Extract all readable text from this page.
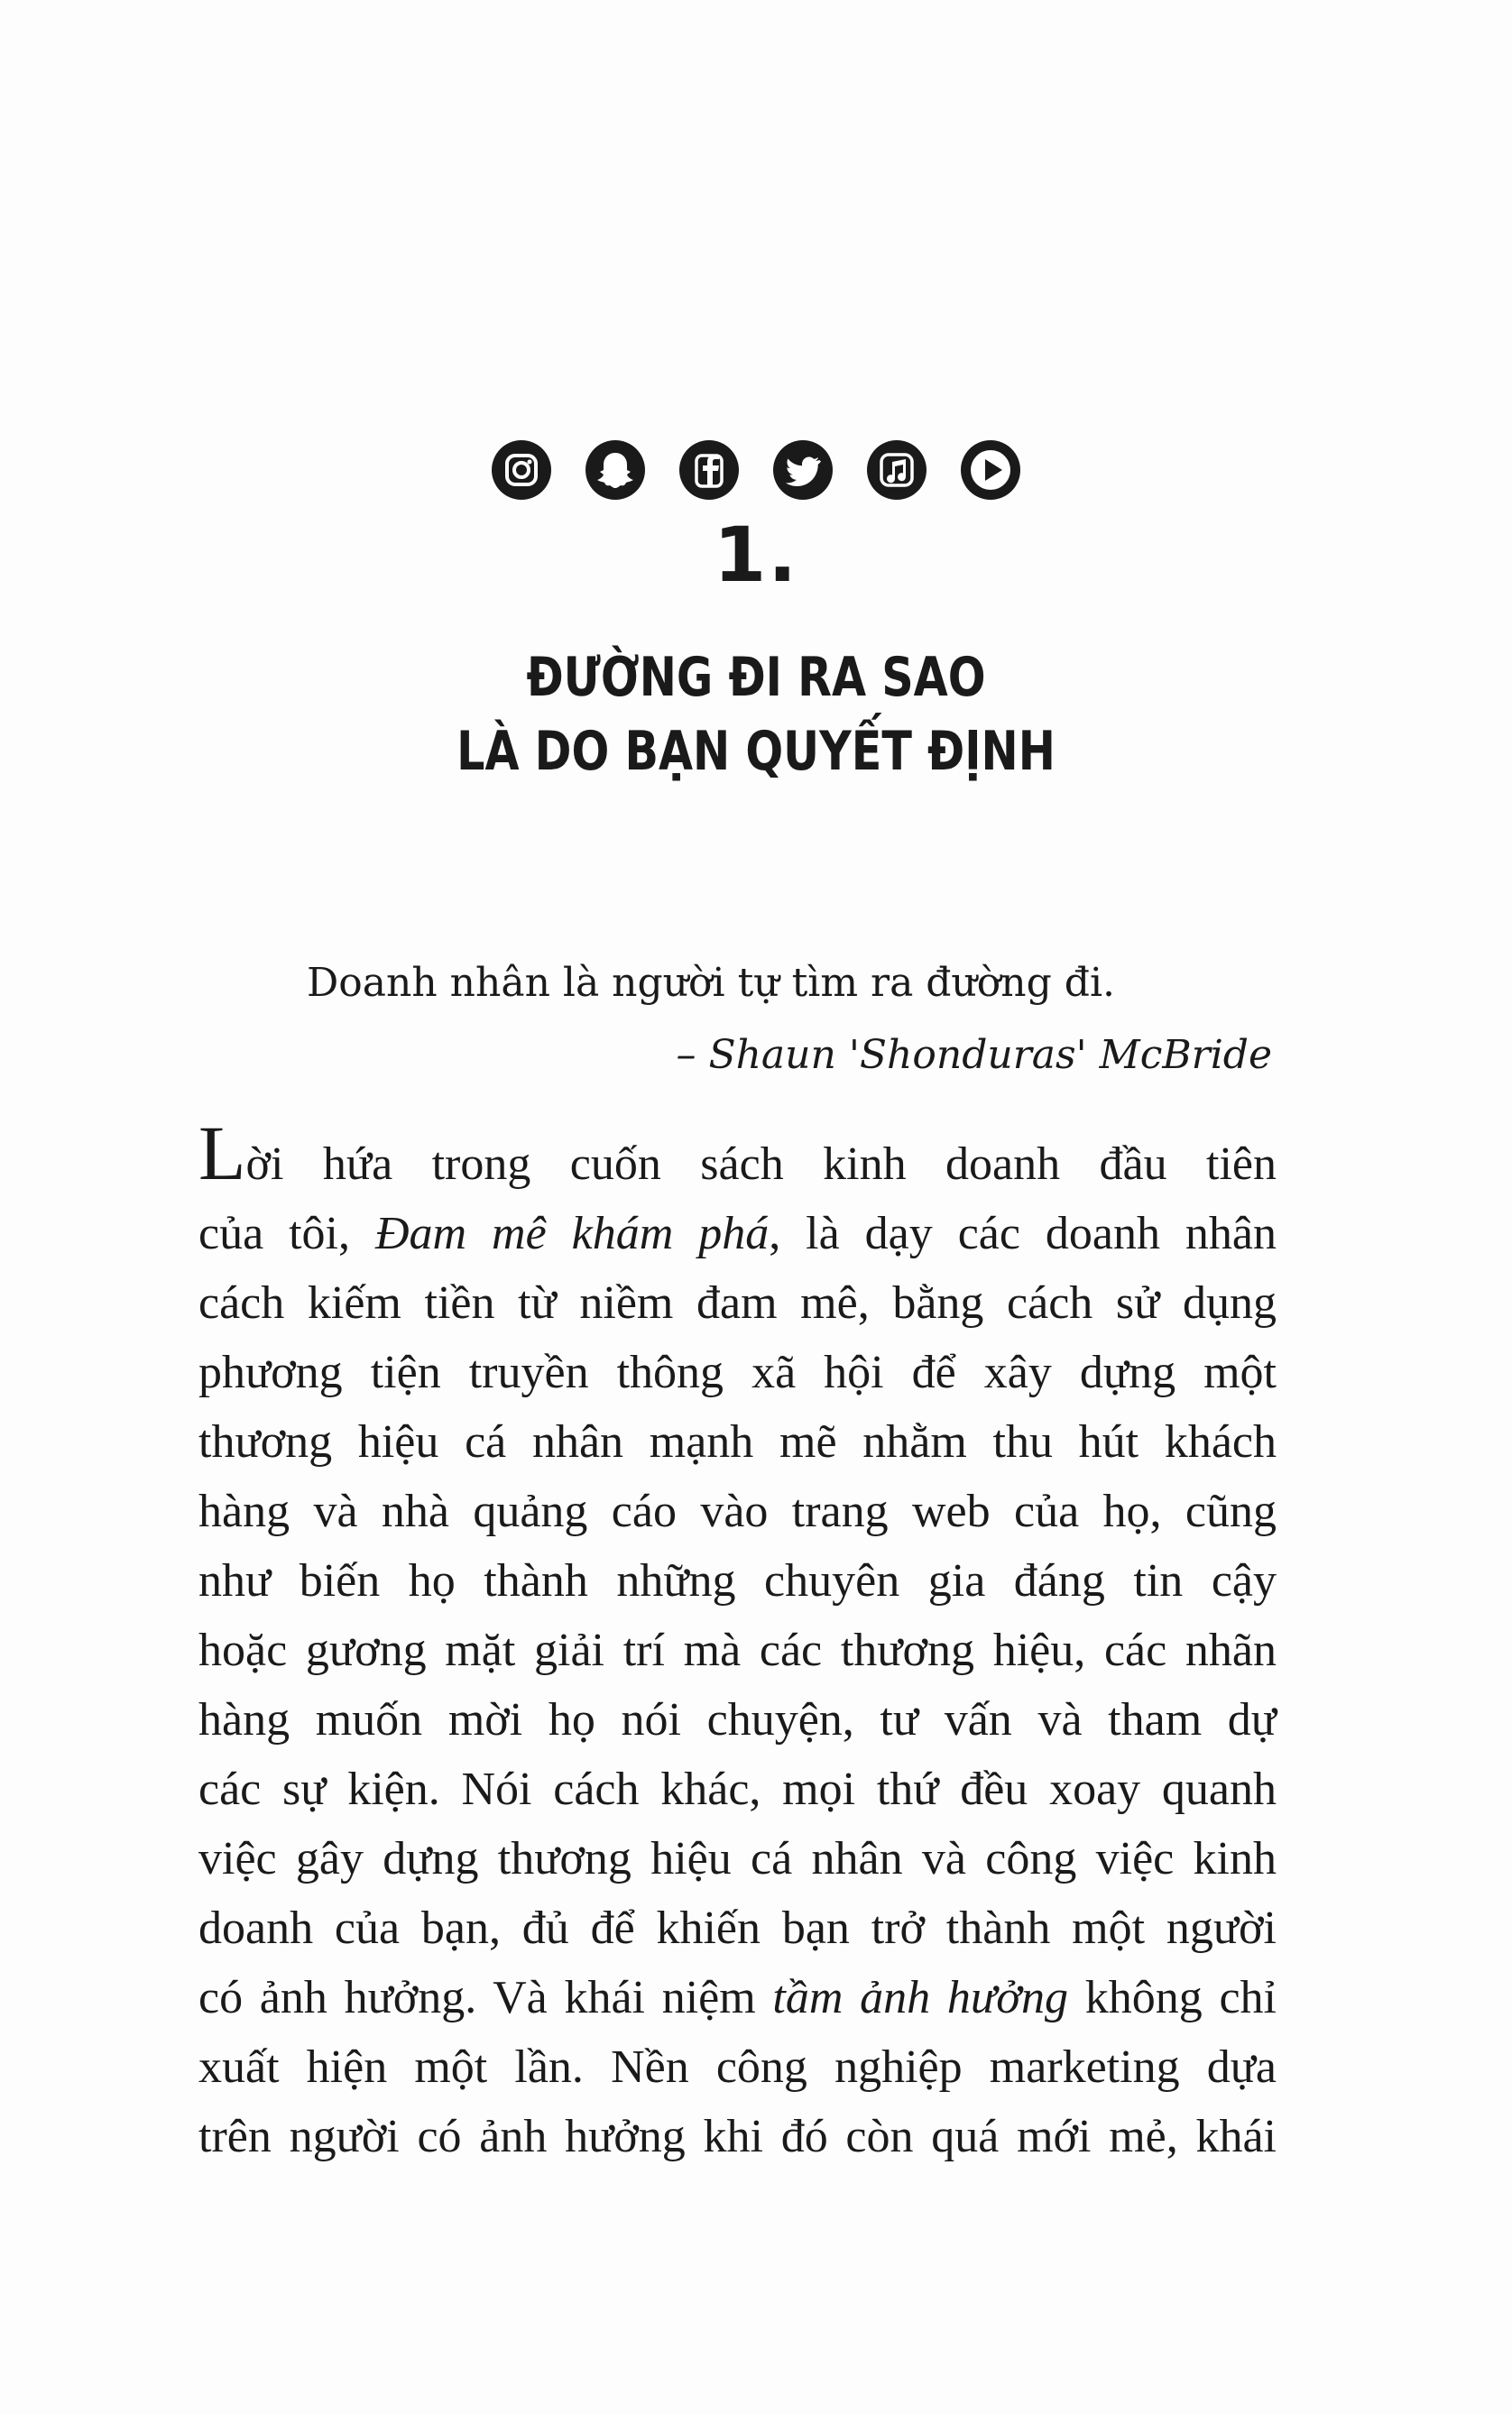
1.
ĐƯỜNG ĐI RA SAO
LÀ DO BẠN QUYẾT ĐỊNH
Doanh nhân là người tự tìm ra đường đi.
– Shaun 'Shonduras' McBride
Lời hứa trong cuốn sách kinh doanh đầu tiên
của tôi, Đam mê khám phá, là dạy các doanh nhân
cách kiếm tiền từ niềm đam mê, bằng cách sử dụng
phương tiện truyền thông xã hội để xây dựng một
thương hiệu cá nhân mạnh mẽ nhằm thu hút khách
hàng và nhà quảng cáo vào trang web của họ, cũng
như biến họ thành những chuyên gia đáng tin cậy
hoặc gương mặt giải trí mà các thương hiệu, các nhãn
hàng muốn mời họ nói chuyện, tư vấn và tham dự
các sự kiện. Nói cách khác, mọi thứ đều xoay quanh
việc gây dựng thương hiệu cá nhân và công việc kinh
doanh của bạn, đủ để khiến bạn trở thành một người
có ảnh hưởng. Và khái niệm tầm ảnh hưởng không chỉ
xuất hiện một lần. Nền công nghiệp marketing dựa
trên người có ảnh hưởng khi đó còn quá mới mẻ, khái
